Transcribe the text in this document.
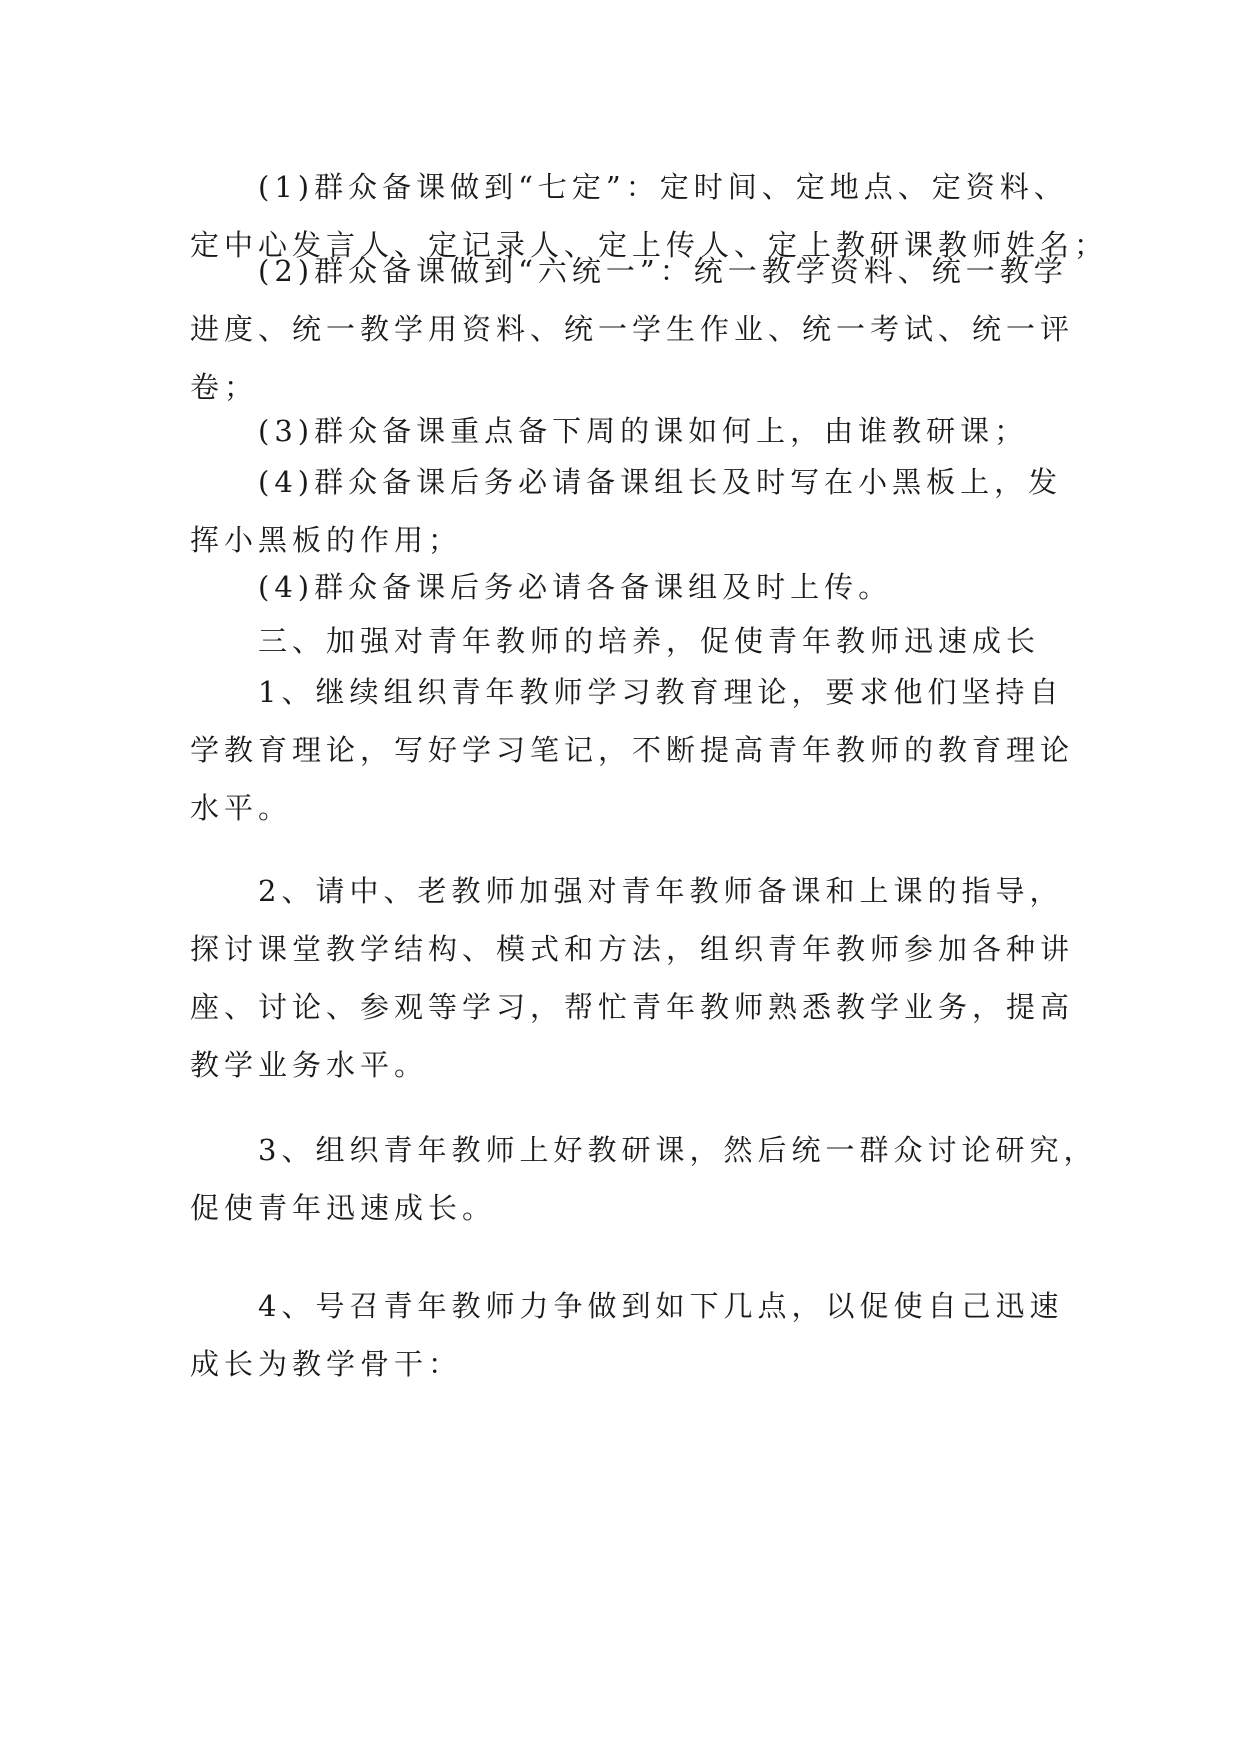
(1)群众备课做到“七定”：定时间、定地点、定资料、
定中心发言人、定记录人、定上传人、定上教研课教师姓名；
(2)群众备课做到“六统一”：统一教学资料、统一教学
进度、统一教学用资料、统一学生作业、统一考试、统一评
卷；
(3)群众备课重点备下周的课如何上，由谁教研课；
(4)群众备课后务必请备课组长及时写在小黑板上，发
挥小黑板的作用；
(4)群众备课后务必请各备课组及时上传。
三、加强对青年教师的培养，促使青年教师迅速成长
1、继续组织青年教师学习教育理论，要求他们坚持自
学教育理论，写好学习笔记，不断提高青年教师的教育理论
水平。
2、请中、老教师加强对青年教师备课和上课的指导，
探讨课堂教学结构、模式和方法，组织青年教师参加各种讲
座、讨论、参观等学习，帮忙青年教师熟悉教学业务，提高
教学业务水平。
3、组织青年教师上好教研课，然后统一群众讨论研究，
促使青年迅速成长。
4、号召青年教师力争做到如下几点，以促使自己迅速
成长为教学骨干：
